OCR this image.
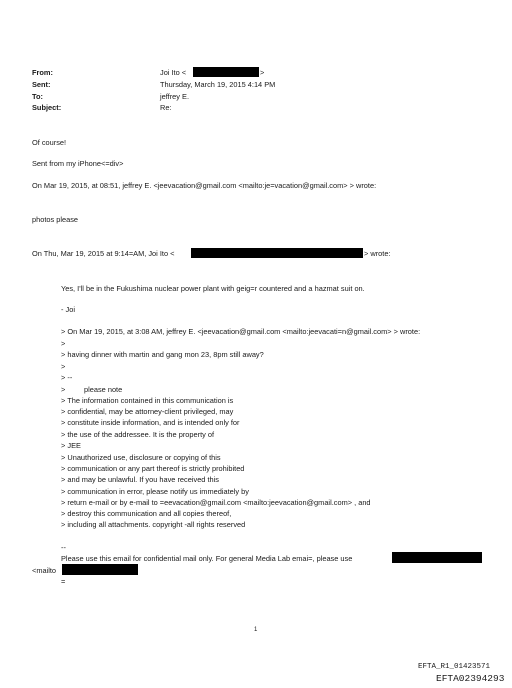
From:	Joi Ito <	>
Sent:	Thursday, March 19, 2015 4:14 PM
To:	jeffrey E.
Subject:	Re:
Of course!
Sent from my iPhone<=div>
On Mar 19, 2015, at 08:51, jeffrey E. <jeevacation@gmail.com <mailto:je=vacation@gmail.com> > wrote:
photos please
On Thu, Mar 19, 2015 at 9:14=AM, Joi Ito <	> wrote:
Yes, I'll be in the Fukushima nuclear power plant with geig=r countered and a hazmat suit on.
- Joi
> On Mar 19, 2015, at 3:08 AM, jeffrey E. <jeevacation@gmail.com <mailto:jeevacati=n@gmail.com> > wrote:
>
> having dinner with martin and gang mon 23, 8pm still away?
>
> --
>	please note
> The information contained in this communication is
> confidential, may be attorney-client privileged, may
> constitute inside information, and is intended only for
> the use of the addressee. It is the property of
> JEE
> Unauthorized use, disclosure or copying of this
> communication or any part thereof is strictly prohibited
> and may be unlawful. If you have received this
> communication in error, please notify us immediately by
> return e-mail or by e-mail to =eevacation@gmail.com <mailto:jeevacation@gmail.com> , and
> destroy this communication and all copies thereof,
> including all attachments. copyright -all rights reserved
--
Please use this email for confidential mail only. For general Media Lab emai=, please use
<mailto
=
1
EFTA_R1_01423571
EFTA02394293
